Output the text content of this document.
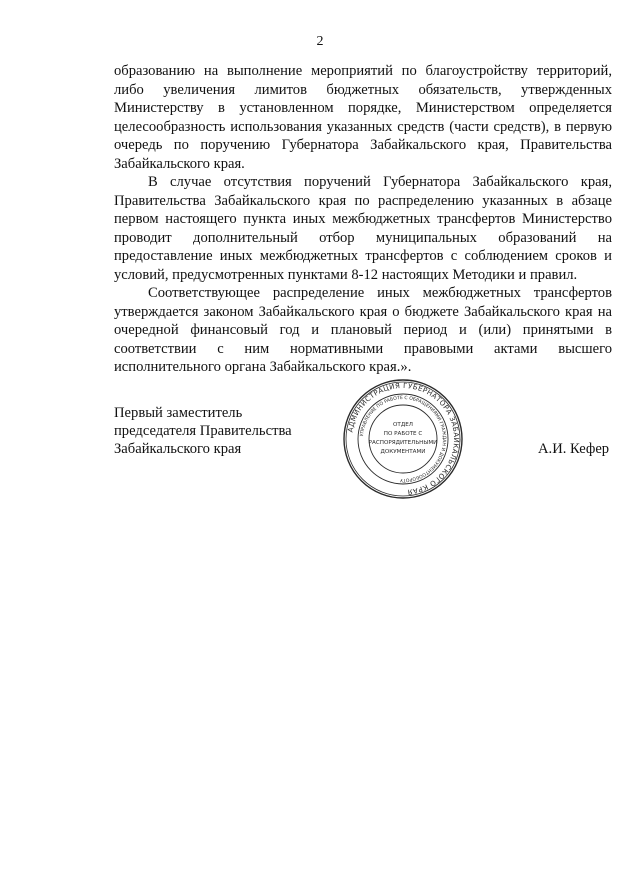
2

образованию на выполнение мероприятий по благоустройству территорий, либо увеличения лимитов бюджетных обязательств, утвержденных Министерству в установленном порядке, Министерством определяется целесообразность использования указанных средств (части средств), в первую очередь по поручению Губернатора Забайкальского края, Правительства Забайкальского края.

В случае отсутствия поручений Губернатора Забайкальского края, Правительства Забайкальского края по распределению указанных в абзаце первом настоящего пункта иных межбюджетных трансфертов Министерство проводит дополнительный отбор муниципальных образований на предоставление иных межбюджетных трансфертов с соблюдением сроков и условий, предусмотренных пунктами 8-12 настоящих Методики и правил.

Соответствующее распределение иных межбюджетных трансфертов утверждается законом Забайкальского края о бюджете Забайкальского края на очередной финансовый год и плановый период и (или) принятыми в соответствии с ним нормативными правовыми актами высшего исполнительного органа Забайкальского края.».

Первый заместитель
председателя Правительства
Забайкальского края
АДМИНИСТРАЦИЯ ГУБЕРНАТОРА ЗАБАЙКАЛЬСКОГО КРАЯ
УПРАВЛЕНИЕ ПО РАБОТЕ С ОБРАЩЕНИЯМИ ГРАЖДАН И ДОКУМЕНТООБОРОТУ
ОТДЕЛ
ПО РАБОТЕ С
РАСПОРЯДИТЕЛЬНЫМИ
ДОКУМЕНТАМИ	А.И. Кефер
